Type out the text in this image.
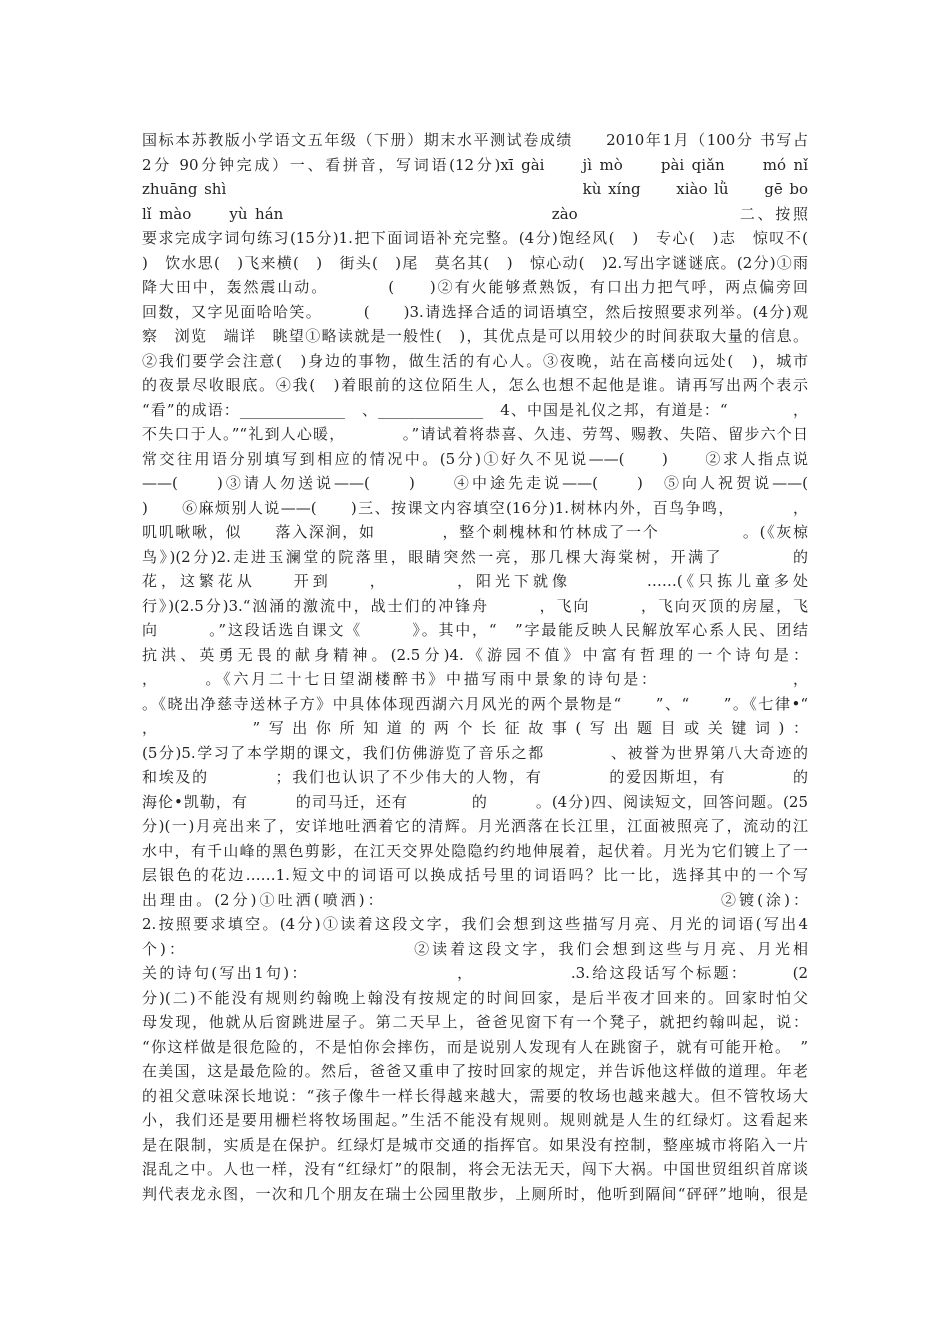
国标本苏教版小学语文五年级（下册）期末水平测试卷成绩　　2010年1月（100分 书写占
2分 90分钟完成）一、看拼音，写词语(12分)xī gài　　jì mò　　pài qiǎn　　mó nǐ
zhuāng shì　　　　　　　　　　　　　　　　　　　　　kù xíng　　xiào lǜ　　gē bo
lǐ mào　　yù hán　　　　　　　　　　　　　　　zào　　　　　　　　　二、按照
要求完成字词句练习(15分)1.把下面词语补充完整。(4分)饱经风(　)　专心(　)志　惊叹不(
)　饮水思(　)飞来横(　)　街头(　)尾　莫名其(　)　惊心动(　)2.写出字谜谜底。(2分)①雨
降大田中，轰然震山动。　　　　(　　)②有火能够煮熟饭，有口出力把气呼，两点偏旁回
回数，又字见面哈哈笑。　　　(　　)3.请选择合适的词语填空，然后按照要求列举。(4分)观
察　浏览　端详　眺望①略读就是一般性(　)，其优点是可以用较少的时间获取大量的信息。
②我们要学会注意(　)身边的事物，做生活的有心人。③夜晚，站在高楼向远处(　)，城市
的夜景尽收眼底。④我(　)着眼前的这位陌生人，怎么也想不起他是谁。请再写出两个表示
“看”的成语：______________　、______________　4、中国是礼仪之邦，有道是：“　　　　，
不失口于人。”“礼到人心暖，　　　　。”请试着将恭喜、久违、劳驾、赐教、失陪、留步六个日
常交往用语分别填写到相应的情况中。(5分)①好久不见说——(　　)　　②求人指点说
——(　　)③请人勿送说——(　　)　　④中途先走说——(　　)　⑤向人祝贺说——(
)　　⑥麻烦别人说——(　　)三、按课文内容填空(16分)1.树林内外，百鸟争鸣，　　　　，
叽叽啾啾，似　　落入深涧，如　　　　，整个刺槐林和竹林成了一个　　　　　。(《灰椋
鸟》)(2分)2.走进玉澜堂的院落里，眼睛突然一亮，那几棵大海棠树，开满了　　　　的
花，这繁花从　　开到　　，　　　　，阳光下就像　　　　……(《只拣儿童多处
行》)(2.5分)3.“汹涌的激流中，战士们的冲锋舟　　　，飞向　　　，飞向灭顶的房屋，飞
向　　　。”这段话选自课文《　　　》。其中，“　”字最能反映人民解放军心系人民、团结
抗洪、英勇无畏的献身精神。(2.5分)4.《游园不值》中富有哲理的一个诗句是：
，　　　。《六月二十七日望湖楼醉书》中描写雨中景象的诗句是：　　　　　　　　，
。《晓出净慈寺送林子方》中具体体现西湖六月风光的两个景物是“　　”、“　　”。《七律•“
，　　　　”写出你所知道的两个长征故事(写出题目或关键词)：
(5分)5.学习了本学期的课文，我们仿佛游览了音乐之都　　　　、被誉为世界第八大奇迹的
和埃及的　　　　；我们也认识了不少伟大的人物，有　　　　的爱因斯坦，有　　　　的
海伦•凯勒，有　　　的司马迁，还有　　　　的　　　。(4分)四、阅读短文，回答问题。(25
分)(一)月亮出来了，安详地吐洒着它的清辉。月光洒落在长江里，江面被照亮了，流动的江
水中，有千山峰的黑色剪影，在江天交界处隐隐约约地伸展着，起伏着。月光为它们镀上了一
层银色的花边……1.短文中的词语可以换成括号里的词语吗？比一比，选择其中的一个写
出理由。(2分)①吐洒(喷洒)：　　　　　　　　　　　　　　　　　　　②镀(涂)：
2.按照要求填空。(4分)①读着这段文字，我们会想到这些描写月亮、月光的词语(写出4
个)：　　　　　　　　　　　　　②读着这段文字，我们会想到这些与月亮、月光相
关的诗句(写出1句)：　　　　　　　　　，　　　　　　.3.给这段话写个标题：　　　(2
分)(二)不能没有规则约翰晚上翰没有按规定的时间回家，是后半夜才回来的。回家时怕父
母发现，他就从后窗跳进屋子。第二天早上，爸爸见窗下有一个凳子，就把约翰叫起，说：
“你这样做是很危险的，不是怕你会摔伤，而是说别人发现有人在跳窗子，就有可能开枪。　”
在美国，这是最危险的。然后，爸爸又重申了按时回家的规定，并告诉他这样做的道理。年老
的祖父意味深长地说：“孩子像牛一样长得越来越大，需要的牧场也越来越大。但不管牧场大
小，我们还是要用栅栏将牧场围起。”生活不能没有规则。规则就是人生的红绿灯。这看起来
是在限制，实质是在保护。红绿灯是城市交通的指挥官。如果没有控制，整座城市将陷入一片
混乱之中。人也一样，没有“红绿灯”的限制，将会无法无天，闯下大祸。中国世贸组织首席谈
判代表龙永图，一次和几个朋友在瑞士公园里散步，上厕所时，他听到隔间“砰砰”地响，很是
